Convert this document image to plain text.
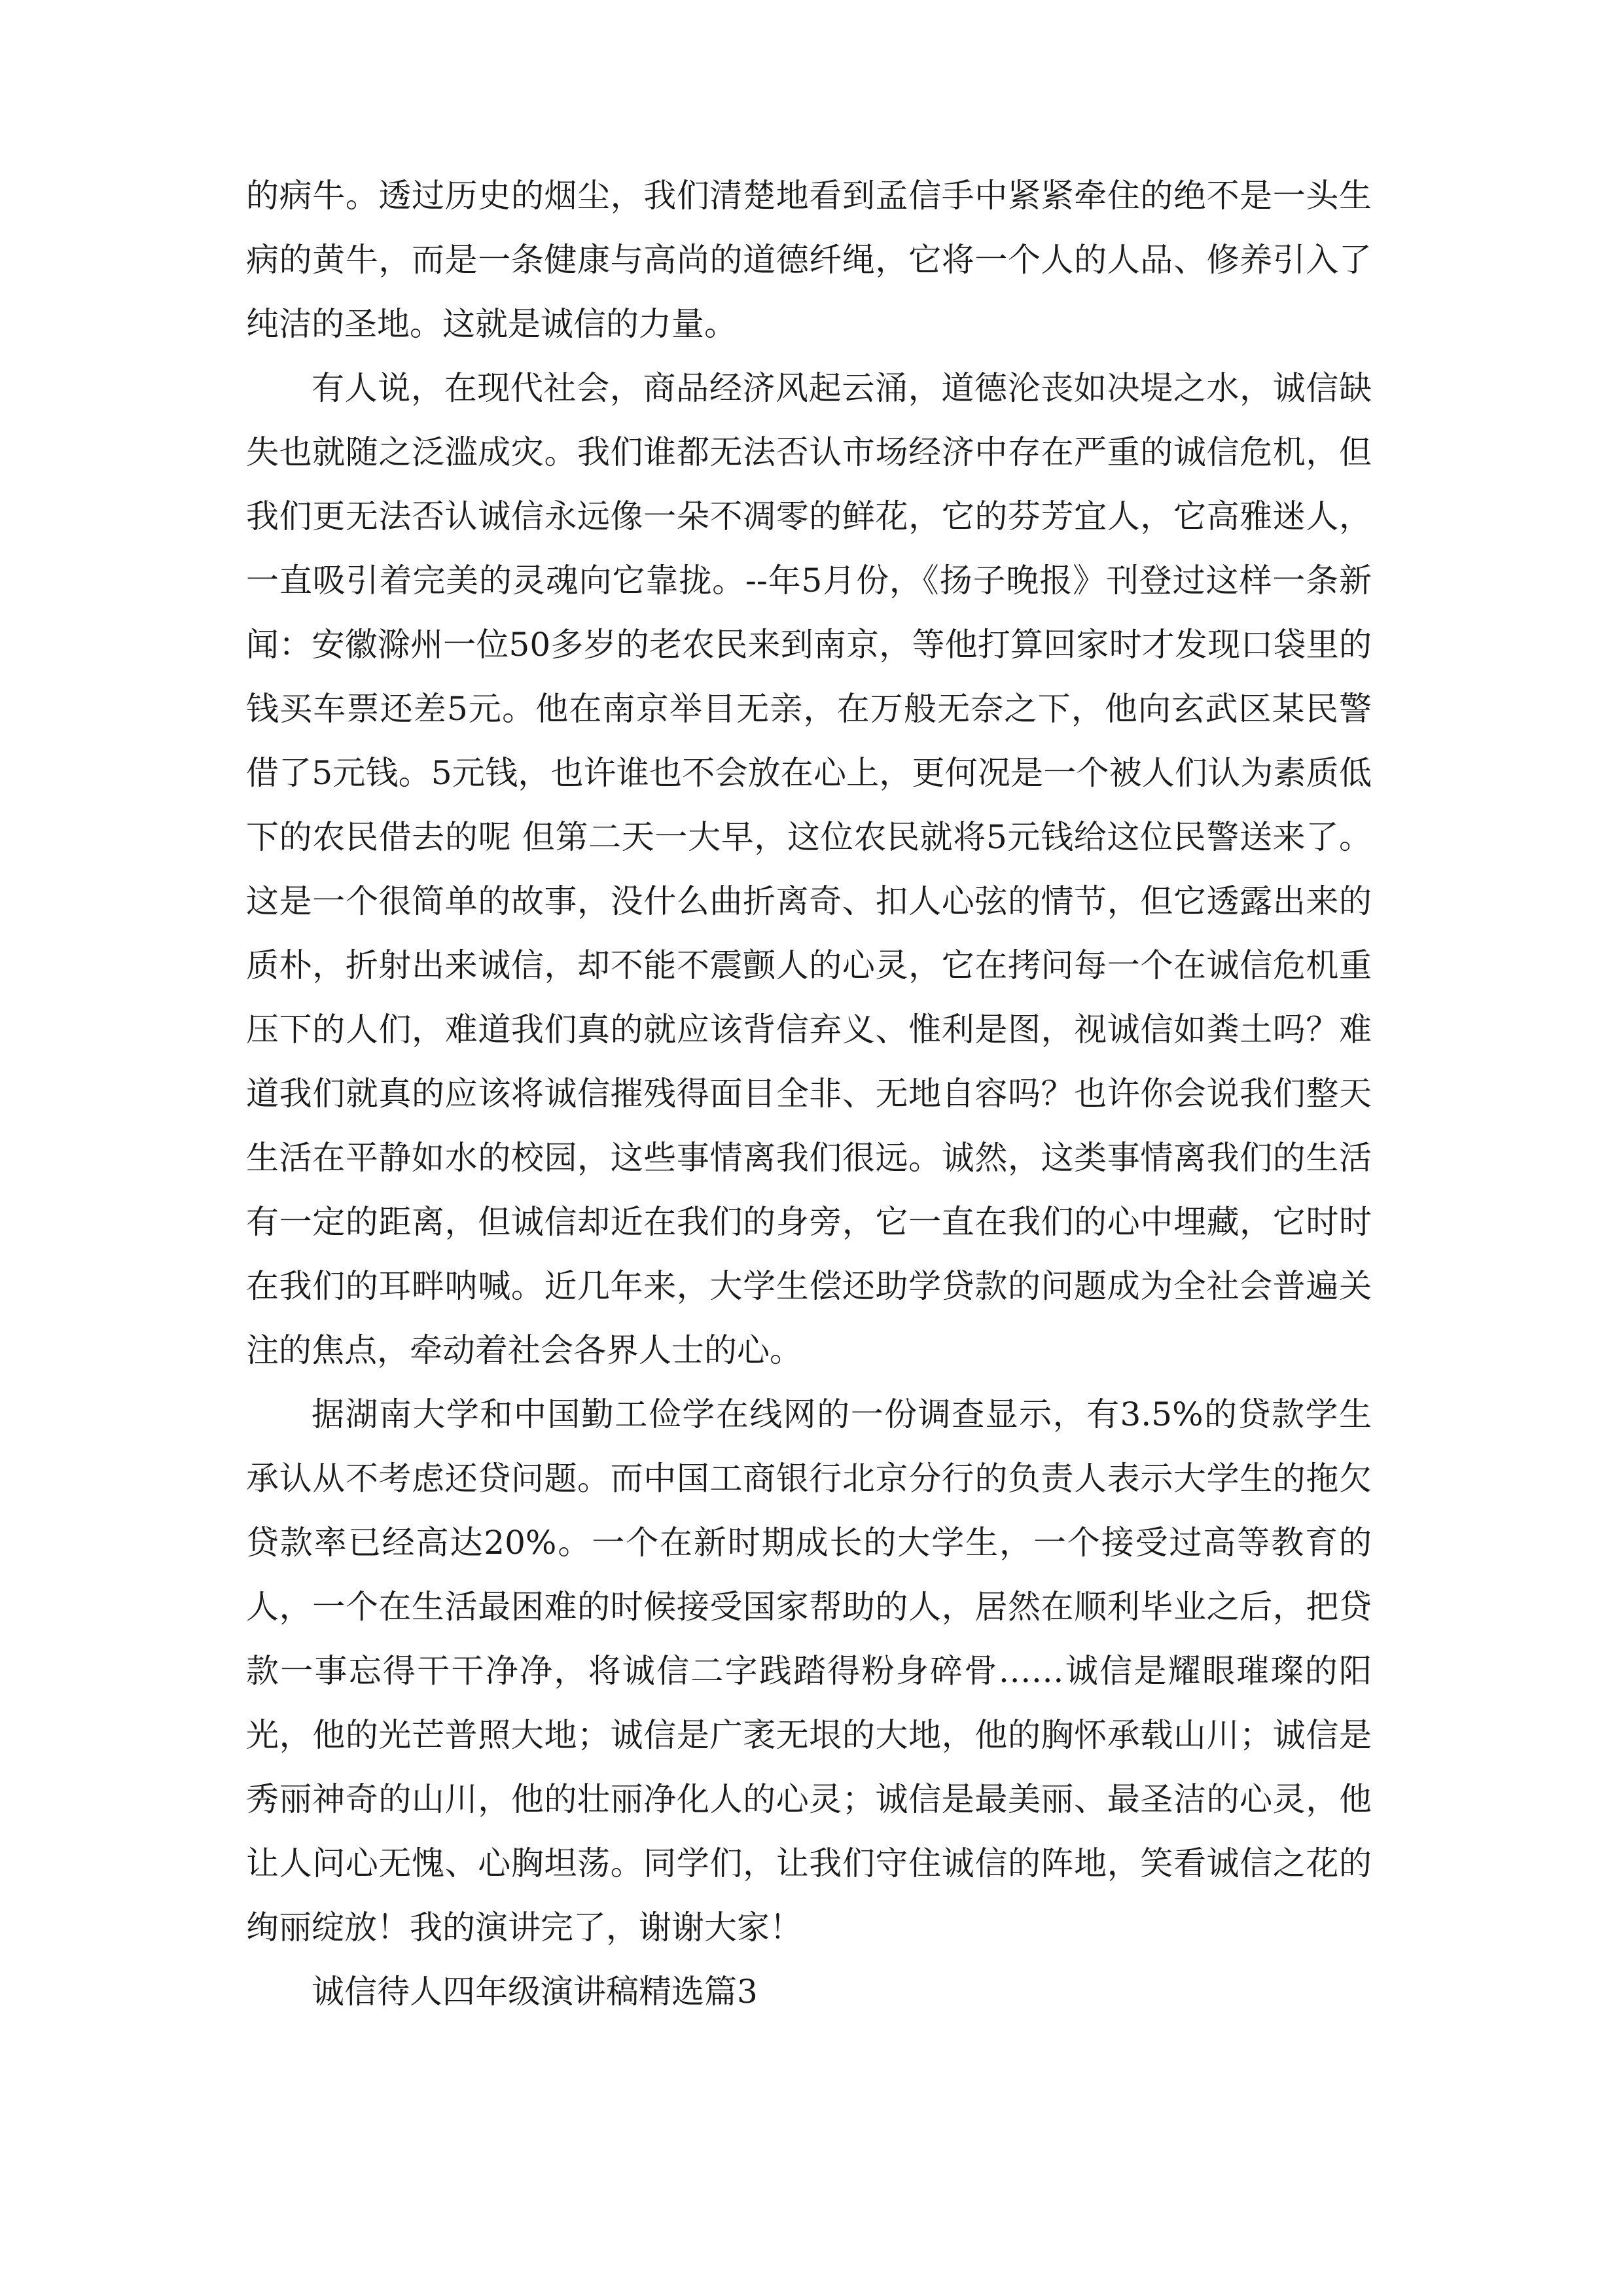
的病牛。透过历史的烟尘，我们清楚地看到孟信手中紧紧牵住的绝不是一头生病的黄牛，而是一条健康与高尚的道德纤绳，它将一个人的人品、修养引入了纯洁的圣地。这就是诚信的力量。

有人说，在现代社会，商品经济风起云涌，道德沦丧如决堤之水，诚信缺失也就随之泛滥成灾。我们谁都无法否认市场经济中存在严重的诚信危机，但我们更无法否认诚信永远像一朵不凋零的鲜花，它的芬芳宜人，它高雅迷人，一直吸引着完美的灵魂向它靠拢。--年5月份，《扬子晚报》刊登过这样一条新闻：安徽滁州一位50多岁的老农民来到南京，等他打算回家时才发现口袋里的钱买车票还差5元。他在南京举目无亲，在万般无奈之下，他向玄武区某民警借了5元钱。5元钱，也许谁也不会放在心上，更何况是一个被人们认为素质低下的农民借去的呢 但第二天一大早，这位农民就将5元钱给这位民警送来了。这是一个很简单的故事，没什么曲折离奇、扣人心弦的情节，但它透露出来的质朴，折射出来诚信，却不能不震颤人的心灵，它在拷问每一个在诚信危机重压下的人们，难道我们真的就应该背信弃义、惟利是图，视诚信如粪土吗？难道我们就真的应该将诚信摧残得面目全非、无地自容吗？也许你会说我们整天生活在平静如水的校园，这些事情离我们很远。诚然，这类事情离我们的生活有一定的距离，但诚信却近在我们的身旁，它一直在我们的心中埋藏，它时时在我们的耳畔呐喊。近几年来，大学生偿还助学贷款的问题成为全社会普遍关注的焦点，牵动着社会各界人士的心。

据湖南大学和中国勤工俭学在线网的一份调查显示，有3.5%的贷款学生承认从不考虑还贷问题。而中国工商银行北京分行的负责人表示大学生的拖欠贷款率已经高达20%。一个在新时期成长的大学生，一个接受过高等教育的人，一个在生活最困难的时候接受国家帮助的人，居然在顺利毕业之后，把贷款一事忘得干干净净，将诚信二字践踏得粉身碎骨……诚信是耀眼璀璨的阳光，他的光芒普照大地；诚信是广袤无垠的大地，他的胸怀承载山川；诚信是秀丽神奇的山川，他的壮丽净化人的心灵；诚信是最美丽、最圣洁的心灵，他让人问心无愧、心胸坦荡。同学们，让我们守住诚信的阵地，笑看诚信之花的绚丽绽放！我的演讲完了，谢谢大家！

诚信待人四年级演讲稿精选篇3
